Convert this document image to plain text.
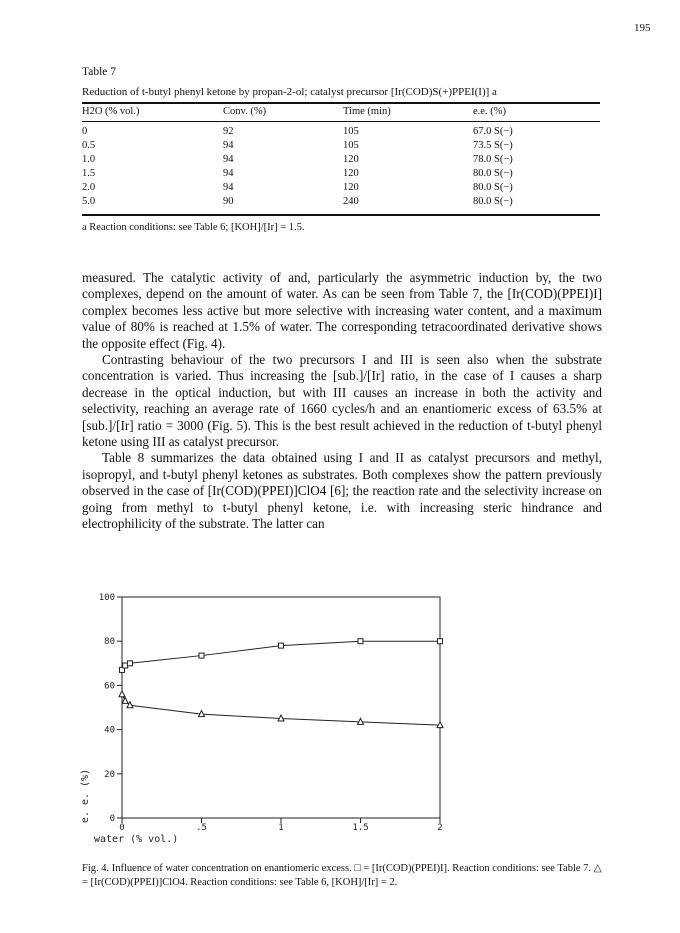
195
Table 7
Reduction of t-butyl phenyl ketone by propan-2-ol; catalyst precursor [Ir(COD)S(+)PPEI(I)] a
H2O (% vol.)	Conv. (%)	Time (min)	e.e. (%)
0	92	105	67.0 S(−)
0.5	94	105	73.5 S(−)
1.0	94	120	78.0 S(−)
1.5	94	120	80.0 S(−)
2.0	94	120	80.0 S(−)
5.0	90	240	80.0 S(−)
a Reaction conditions: see Table 6; [KOH]/[Ir] = 1.5.

measured. The catalytic activity of and, particularly the asymmetric induction by, the two complexes, depend on the amount of water. As can be seen from Table 7, the [Ir(COD)(PPEI)I] complex becomes less active but more selective with increasing water content, and a maximum value of 80% is reached at 1.5% of water. The corresponding tetracoordinated derivative shows the opposite effect (Fig. 4).

Contrasting behaviour of the two precursors I and III is seen also when the substrate concentration is varied. Thus increasing the [sub.]/[Ir] ratio, in the case of I causes a sharp decrease in the optical induction, but with III causes an increase in both the activity and selectivity, reaching an average rate of 1660 cycles/h and an enantiomeric excess of 63.5% at [sub.]/[Ir] ratio = 3000 (Fig. 5). This is the best result achieved in the reduction of t-butyl phenyl ketone using III as catalyst precursor.

Table 8 summarizes the data obtained using I and II as catalyst precursors and methyl, isopropyl, and t-butyl phenyl ketones as substrates. Both complexes show the pattern previously observed in the case of [Ir(COD)(PPEI)]ClO4 [6]; the reaction rate and the selectivity increase on going from methyl to t-butyl phenyl ketone, i.e. with increasing steric hindrance and electrophilicity of the substrate. The latter can

0
20
40
60
80
100
0	.5	1	1.5	2
water (% vol.)
e. e. (%)
Fig. 4. Influence of water concentration on enantiomeric excess. □ = [Ir(COD)(PPEI)I]. Reaction conditions: see Table 7. △ = [Ir(COD)(PPEI)]ClO4. Reaction conditions: see Table 6, [KOH]/[Ir] = 2.
